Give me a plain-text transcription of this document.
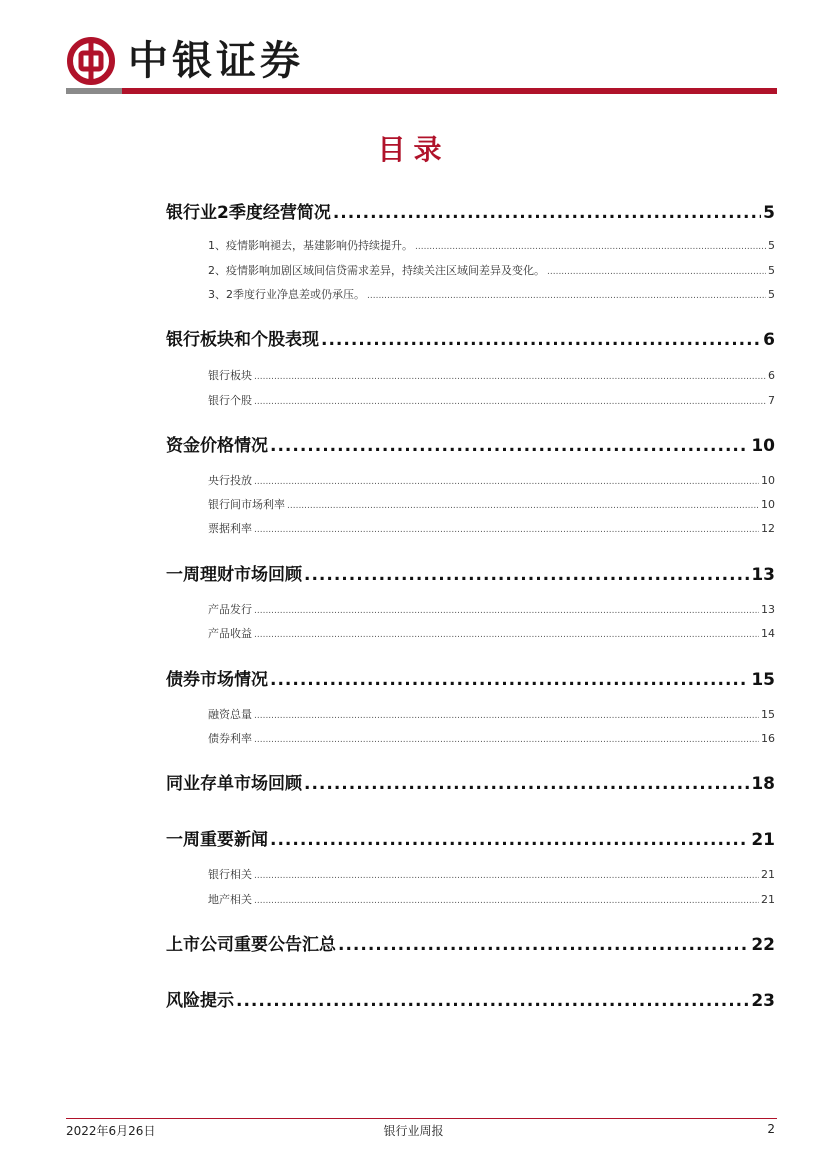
中银证券
目录
银行业2季度经营简况 .....	5
1、疫情影响褪去，基建影响仍持续提升。 .....	5
2、疫情影响加剧区域间信贷需求差异，持续关注区域间差异及变化。 .....	5
3、2季度行业净息差或仍承压。 .....	5
银行板块和个股表现 .....	6
银行板块 .....	6
银行个股 .....	7
资金价格情况 .....	10
央行投放 .....	10
银行间市场利率 .....	10
票据利率 .....	12
一周理财市场回顾 .....	13
产品发行 .....	13
产品收益 .....	14
债券市场情况 .....	15
融资总量 .....	15
债券利率 .....	16
同业存单市场回顾 .....	18
一周重要新闻 .....	21
银行相关 .....	21
地产相关 .....	21
上市公司重要公告汇总 .....	22
风险提示 .....	23
2022年6月26日	银行业周报	2
